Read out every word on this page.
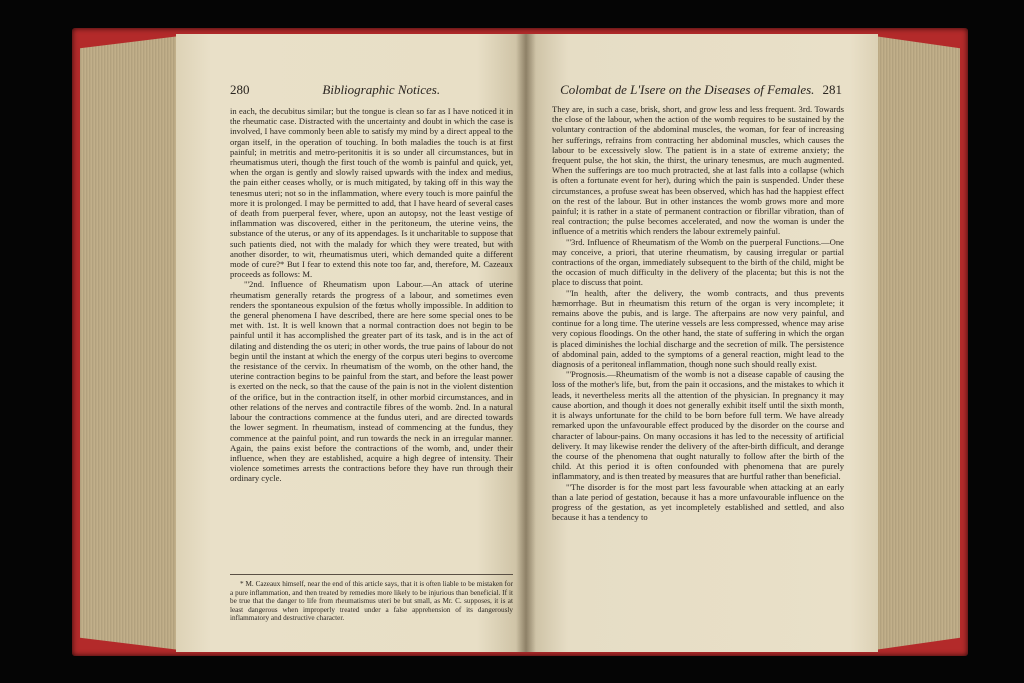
280	Bibliographic Notices.

in each, the decubitus similar; but the tongue is clean so far as I have noticed it in the rheumatic case. Distracted with the uncertainty and doubt in which the case is involved, I have commonly been able to satisfy my mind by a direct appeal to the organ itself, in the operation of touching. In both maladies the touch is at first painful; in metritis and metro-peritonitis it is so under all circumstances, but in rheumatismus uteri, though the first touch of the womb is painful and quick, yet, when the organ is gently and slowly raised upwards with the index and medius, the pain either ceases wholly, or is much mitigated, by taking off in this way the tenesmus uteri; not so in the inflammation, where every touch is more painful the more it is prolonged. I may be permitted to add, that I have heard of several cases of death from puerperal fever, where, upon an autopsy, not the least vestige of inflammation was discovered, either in the peritoneum, the uterine veins, the substance of the uterus, or any of its appendages. Is it uncharitable to suppose that such patients died, not with the malady for which they were treated, but with another disorder, to wit, rheumatismus uteri, which demanded quite a different mode of cure?* But I fear to extend this note too far, and, therefore, M. Cazeaux proceeds as follows: M.

"'2nd. Influence of Rheumatism upon Labour.—An attack of uterine rheumatism generally retards the progress of a labour, and sometimes even renders the spontaneous expulsion of the fœtus wholly impossible. In addition to the general phenomena I have described, there are here some special ones to be met with. 1st. It is well known that a normal contraction does not begin to be painful until it has accomplished the greater part of its task, and is in the act of dilating and distending the os uteri; in other words, the true pains of labour do not begin until the instant at which the energy of the corpus uteri begins to overcome the resistance of the cervix. In rheumatism of the womb, on the other hand, the uterine contraction begins to be painful from the start, and before the least power is exerted on the neck, so that the cause of the pain is not in the violent distention of the orifice, but in the contraction itself, in other morbid circumstances, and in other relations of the nerves and contractile fibres of the womb. 2nd. In a natural labour the contractions commence at the fundus uteri, and are directed towards the lower segment. In rheumatism, instead of commencing at the fundus, they commence at the painful point, and run towards the neck in an irregular manner. Again, the pains exist before the contractions of the womb, and, under their influence, when they are established, acquire a high degree of intensity. Their violence sometimes arrests the contractions before they have run through their ordinary cycle.

* M. Cazeaux himself, near the end of this article says, that it is often liable to be mistaken for a pure inflammation, and then treated by remedies more likely to be injurious than beneficial. If it be true that the danger to life from rheumatismus uteri be but small, as Mr. C. supposes, it is at least dangerous when improperly treated under a false apprehension of its dangerously inflammatory and destructive character.

Colombat de L'Isere on the Diseases of Females. 281

They are, in such a case, brisk, short, and grow less and less frequent. 3rd. Towards the close of the labour, when the action of the womb requires to be sustained by the voluntary contraction of the abdominal muscles, the woman, for fear of increasing her sufferings, refrains from contracting her abdominal muscles, which causes the labour to be excessively slow. The patient is in a state of extreme anxiety; the frequent pulse, the hot skin, the thirst, the urinary tenesmus, are much augmented. When the sufferings are too much protracted, she at last falls into a collapse (which is often a fortunate event for her), during which the pain is suspended. Under these circumstances, a profuse sweat has been observed, which has had the happiest effect on the rest of the labour. But in other instances the womb grows more and more painful; it is rather in a state of permanent contraction or fibrillar vibration, than of real contraction; the pulse becomes accelerated, and now the woman is under the influence of a metritis which renders the labour extremely painful.

"'3rd. Influence of Rheumatism of the Womb on the puerperal Functions.—One may conceive, a priori, that uterine rheumatism, by causing irregular or partial contractions of the organ, immediately subsequent to the birth of the child, might be the occasion of much difficulty in the delivery of the placenta; but this is not the place to discuss that point.

"'In health, after the delivery, the womb contracts, and thus prevents hæmorrhage. But in rheumatism this return of the organ is very incomplete; it remains above the pubis, and is large. The afterpains are now very painful, and continue for a long time. The uterine vessels are less compressed, whence may arise very copious floodings. On the other hand, the state of suffering in which the organ is placed diminishes the lochial discharge and the secretion of milk. The persistence of abdominal pain, added to the symptoms of a general reaction, might lead to the diagnosis of a peritoneal inflammation, though none such should really exist.

"'Prognosis.—Rheumatism of the womb is not a disease capable of causing the loss of the mother's life, but, from the pain it occasions, and the mistakes to which it leads, it nevertheless merits all the attention of the physician. In pregnancy it may cause abortion, and though it does not generally exhibit itself until the sixth month, it is always unfortunate for the child to be born before full term. We have already remarked upon the unfavourable effect produced by the disorder on the course and character of labour-pains. On many occasions it has led to the necessity of artificial delivery. It may likewise render the delivery of the after-birth difficult, and derange the course of the phenomena that ought naturally to follow after the birth of the child. At this period it is often confounded with phenomena that are purely inflammatory, and is then treated by measures that are hurtful rather than beneficial.

"'The disorder is for the most part less favourable when attacking at an early than a late period of gestation, because it has a more unfavourable influence on the progress of the gestation, as yet incompletely established and settled, and also because it has a tendency to
